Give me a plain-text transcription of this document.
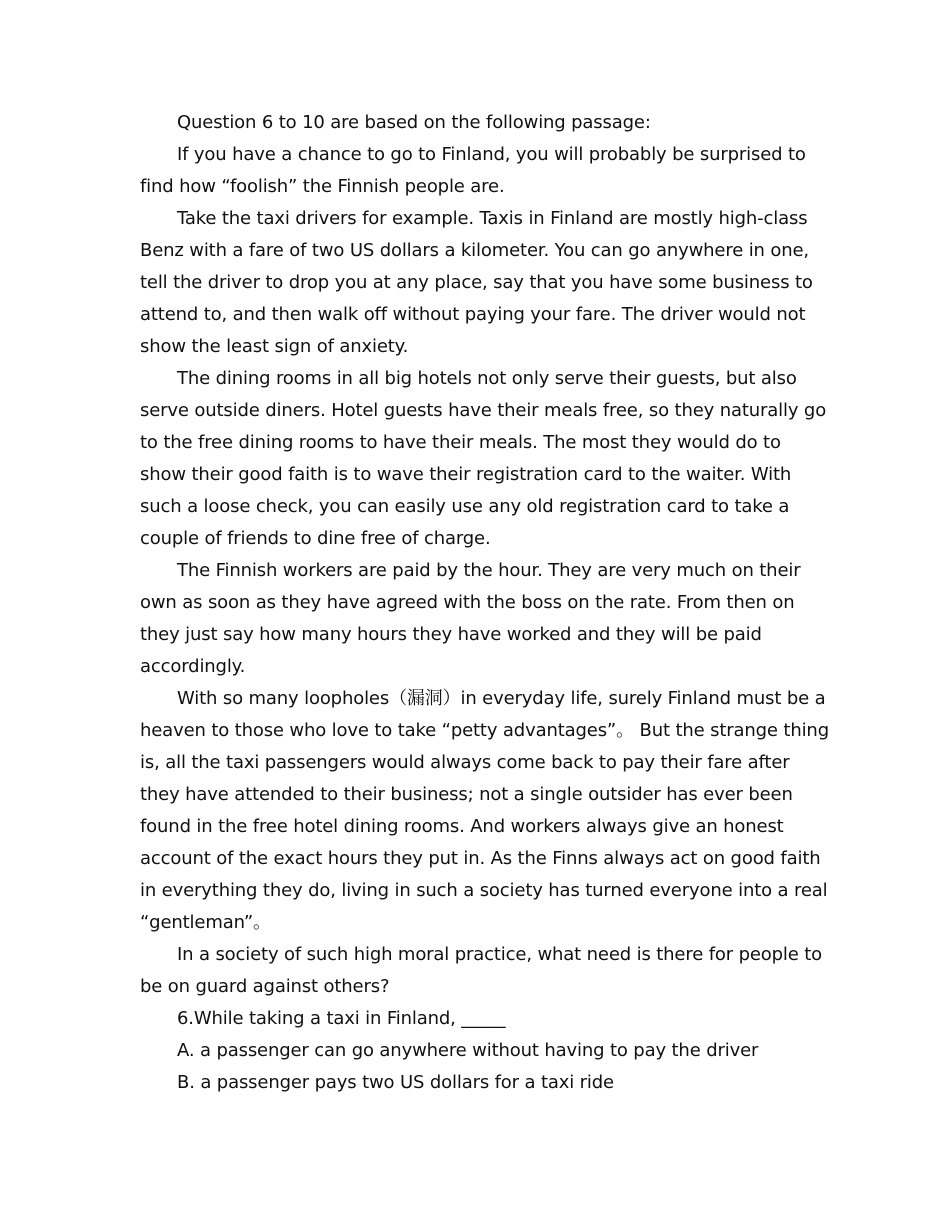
Question 6 to 10 are based on the following passage:

If you have a chance to go to Finland, you will probably be surprised to find how “foolish” the Finnish people are.

Take the taxi drivers for example. Taxis in Finland are mostly high-class Benz with a fare of two US dollars a kilometer. You can go anywhere in one, tell the driver to drop you at any place, say that you have some business to attend to, and then walk off without paying your fare. The driver would not show the least sign of anxiety.

The dining rooms in all big hotels not only serve their guests, but also serve outside diners. Hotel guests have their meals free, so they naturally go to the free dining rooms to have their meals. The most they would do to show their good faith is to wave their registration card to the waiter. With such a loose check, you can easily use any old registration card to take a couple of friends to dine free of charge.

The Finnish workers are paid by the hour. They are very much on their own as soon as they have agreed with the boss on the rate. From then on they just say how many hours they have worked and they will be paid accordingly.

With so many loopholes（漏洞）in everyday life, surely Finland must be a heaven to those who love to take “petty advantages”。 But the strange thing is, all the taxi passengers would always come back to pay their fare after they have attended to their business; not a single outsider has ever been found in the free hotel dining rooms. And workers always give an honest account of the exact hours they put in. As the Finns always act on good faith in everything they do, living in such a society has turned everyone into a real “gentleman”。

In a society of such high moral practice, what need is there for people to be on guard against others?

6.While taking a taxi in Finland, _____

A. a passenger can go anywhere without having to pay the driver

B. a passenger pays two US dollars for a taxi ride
